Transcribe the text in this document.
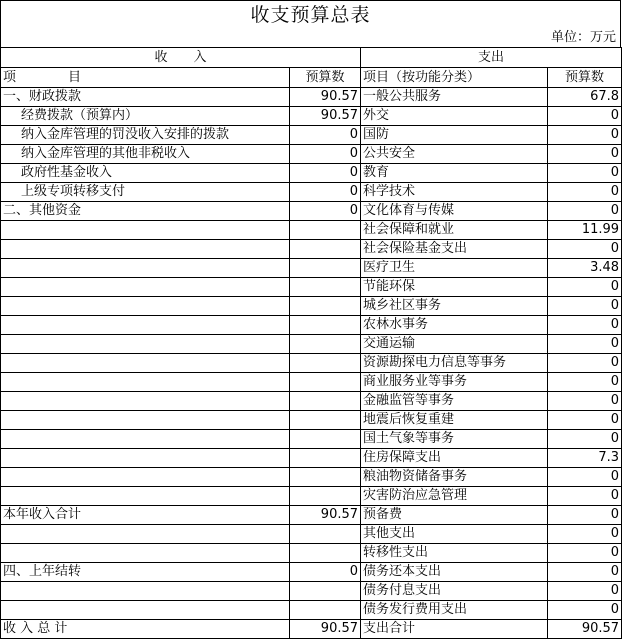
收支预算总表
单位：万元
收　　入		支出	
项　　　　目	预算数	项目（按功能分类）	预算数
一、财政拨款	90.57	一般公共服务	67.8
经费拨款（预算内）	90.57	外交	0
纳入金库管理的罚没收入安排的拨款	0	国防	0
纳入金库管理的其他非税收入	0	公共安全	0
政府性基金收入	0	教育	0
上级专项转移支付	0	科学技术	0
二、其他资金	0	文化体育与传媒	0
		社会保障和就业	11.99
		社会保险基金支出	0
		医疗卫生	3.48
		节能环保	0
		城乡社区事务	0
		农林水事务	0
		交通运输	0
		资源勘探电力信息等事务	0
		商业服务业等事务	0
		金融监管等事务	0
		地震后恢复重建	0
		国土气象等事务	0
		住房保障支出	7.3
		粮油物资储备事务	0
		灾害防治应急管理	0
本年收入合计	90.57	预备费	0
		其他支出	0
		转移性支出	0
四、上年结转	0	债务还本支出	0
		债务付息支出	0
		债务发行费用支出	0
收 入 总 计	90.57	支出合计	90.57
